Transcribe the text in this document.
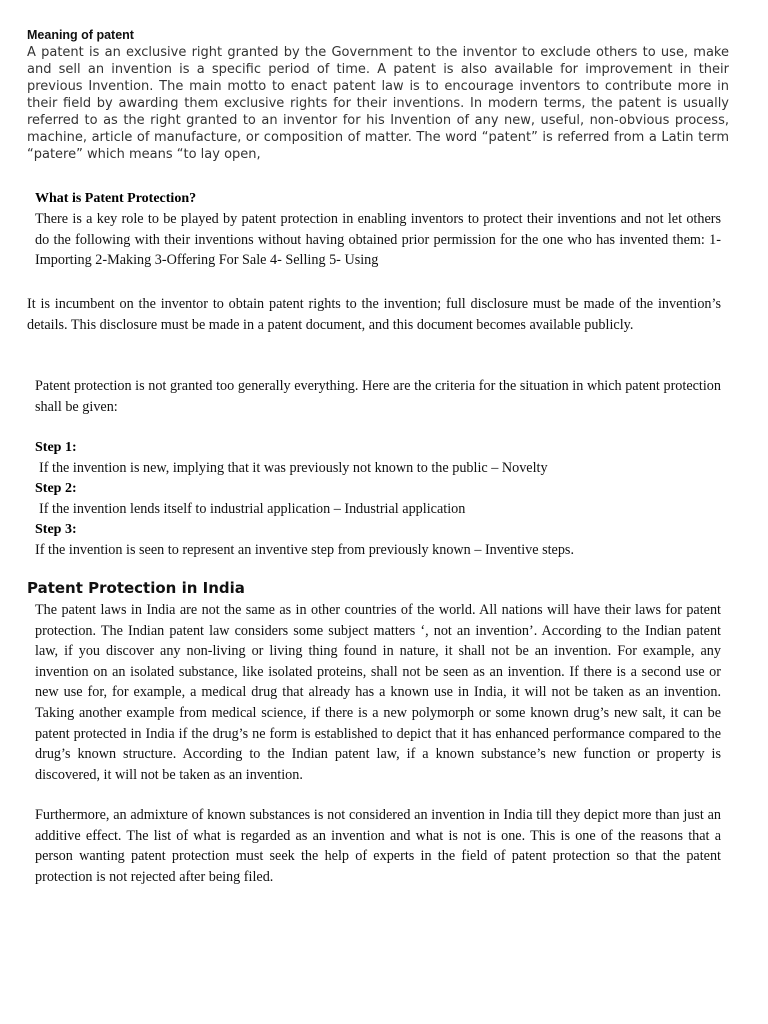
Meaning of patent
A patent is an exclusive right granted by the Government to the inventor to exclude others to use, make and sell an invention is a specific period of time. A patent is also available for improvement in their previous Invention. The main motto to enact patent law is to encourage inventors to contribute more in their field by awarding them exclusive rights for their inventions. In modern terms, the patent is usually referred to as the right granted to an inventor for his Invention of any new, useful, non-obvious process, machine, article of manufacture, or composition of matter. The word “patent” is referred from a Latin term “patere” which means “to lay open,
What is Patent Protection?
There is a key role to be played by patent protection in enabling inventors to protect their inventions and not let others do the following with their inventions without having obtained prior permission for the one who has invented them: 1- Importing 2-Making 3-Offering For Sale 4- Selling 5- Using
It is incumbent on the inventor to obtain patent rights to the invention; full disclosure must be made of the invention’s details. This disclosure must be made in a patent document, and this document becomes available publicly.
Patent protection is not granted too generally everything. Here are the criteria for the situation in which patent protection shall be given:
Step 1:
If the invention is new, implying that it was previously not known to the public – Novelty
Step 2:
If the invention lends itself to industrial application – Industrial application
Step 3:
If the invention is seen to represent an inventive step from previously known – Inventive steps.
Patent Protection in India
The patent laws in India are not the same as in other countries of the world. All nations will have their laws for patent protection. The Indian patent law considers some subject matters ‘, not an invention’. According to the Indian patent law, if you discover any non-living or living thing found in nature, it shall not be an invention. For example, any invention on an isolated substance, like isolated proteins, shall not be seen as an invention. If there is a second use or new use for, for example, a medical drug that already has a known use in India, it will not be taken as an invention. Taking another example from medical science, if there is a new polymorph or some known drug’s new salt, it can be patent protected in India if the drug’s ne form is established to depict that it has enhanced performance compared to the drug’s known structure. According to the Indian patent law, if a known substance’s new function or property is discovered, it will not be taken as an invention.
Furthermore, an admixture of known substances is not considered an invention in India till they depict more than just an additive effect. The list of what is regarded as an invention and what is not is one. This is one of the reasons that a person wanting patent protection must seek the help of experts in the field of patent protection so that the patent protection is not rejected after being filed.
